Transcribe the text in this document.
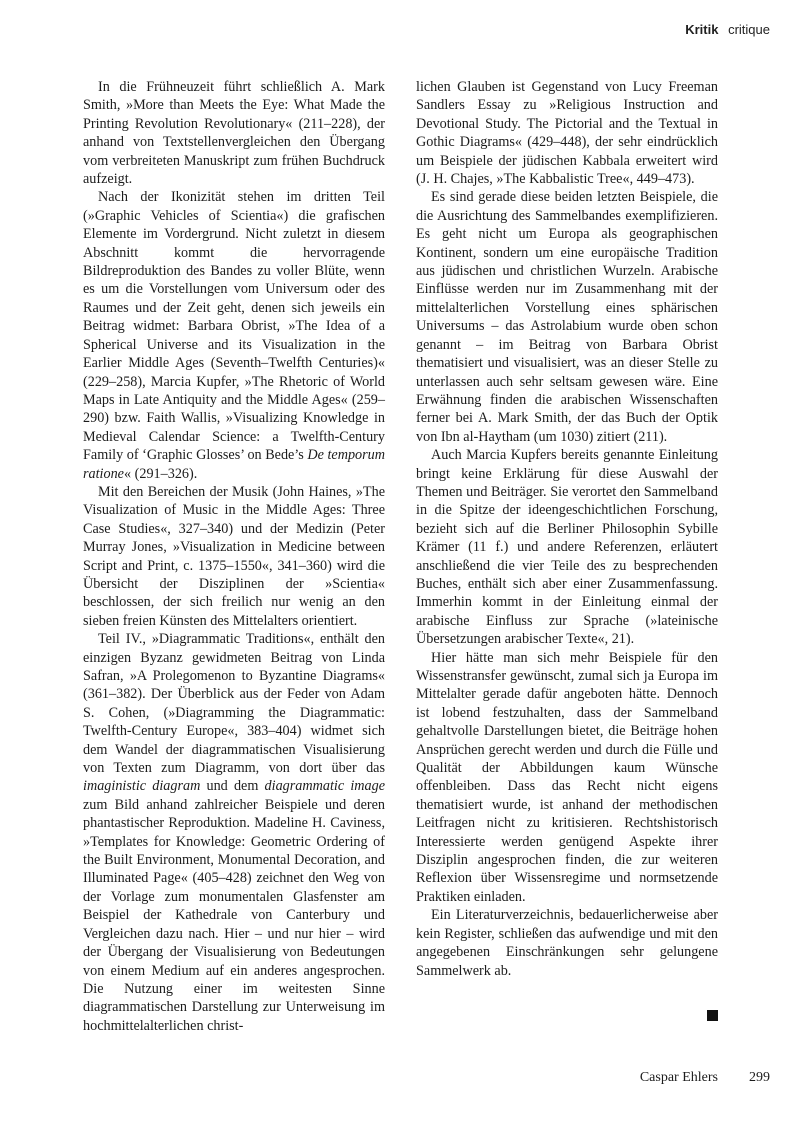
Kritik critique

In die Frühneuzeit führt schließlich A. Mark Smith, »More than Meets the Eye: What Made the Printing Revolution Revolutionary« (211–228), der anhand von Textstellenvergleichen den Übergang vom verbreiteten Manuskript zum frühen Buchdruck aufzeigt.

Nach der Ikonizität stehen im dritten Teil (»Graphic Vehicles of Scientia«) die grafischen Elemente im Vordergrund. Nicht zuletzt in diesem Abschnitt kommt die hervorragende Bildreproduktion des Bandes zu voller Blüte, wenn es um die Vorstellungen vom Universum oder des Raumes und der Zeit geht, denen sich jeweils ein Beitrag widmet: Barbara Obrist, »The Idea of a Spherical Universe and its Visualization in the Earlier Middle Ages (Seventh–Twelfth Centuries)« (229–258), Marcia Kupfer, »The Rhetoric of World Maps in Late Antiquity and the Middle Ages« (259–290) bzw. Faith Wallis, »Visualizing Knowledge in Medieval Calendar Science: a Twelfth-Century Family of ‘Graphic Glosses’ on Bede’s De temporum ratione« (291–326).

Mit den Bereichen der Musik (John Haines, »The Visualization of Music in the Middle Ages: Three Case Studies«, 327–340) und der Medizin (Peter Murray Jones, »Visualization in Medicine between Script and Print, c. 1375–1550«, 341–360) wird die Übersicht der Disziplinen der »Scientia« beschlossen, der sich freilich nur wenig an den sieben freien Künsten des Mittelalters orientiert.

Teil IV., »Diagrammatic Traditions«, enthält den einzigen Byzanz gewidmeten Beitrag von Linda Safran, »A Prolegomenon to Byzantine Diagrams« (361–382). Der Überblick aus der Feder von Adam S. Cohen, (»Diagramming the Diagrammatic: Twelfth-Century Europe«, 383–404) widmet sich dem Wandel der diagrammatischen Visualisierung von Texten zum Diagramm, von dort über das imaginistic diagram und dem diagrammatic image zum Bild anhand zahlreicher Beispiele und deren phantastischer Reproduktion. Madeline H. Caviness, »Templates for Knowledge: Geometric Ordering of the Built Environment, Monumental Decoration, and Illuminated Page« (405–428) zeichnet den Weg von der Vorlage zum monumentalen Glasfenster am Beispiel der Kathedrale von Canterbury und Vergleichen dazu nach. Hier – und nur hier – wird der Übergang der Visualisierung von Bedeutungen von einem Medium auf ein anderes angesprochen. Die Nutzung einer im weitesten Sinne diagrammatischen Darstellung zur Unterweisung im hochmittelalterlichen christ-

lichen Glauben ist Gegenstand von Lucy Freeman Sandlers Essay zu »Religious Instruction and Devotional Study. The Pictorial and the Textual in Gothic Diagrams« (429–448), der sehr eindrücklich um Beispiele der jüdischen Kabbala erweitert wird (J. H. Chajes, »The Kabbalistic Tree«, 449–473).

Es sind gerade diese beiden letzten Beispiele, die die Ausrichtung des Sammelbandes exemplifizieren. Es geht nicht um Europa als geographischen Kontinent, sondern um eine europäische Tradition aus jüdischen und christlichen Wurzeln. Arabische Einflüsse werden nur im Zusammenhang mit der mittelalterlichen Vorstellung eines sphärischen Universums – das Astrolabium wurde oben schon genannt – im Beitrag von Barbara Obrist thematisiert und visualisiert, was an dieser Stelle zu unterlassen auch sehr seltsam gewesen wäre. Eine Erwähnung finden die arabischen Wissenschaften ferner bei A. Mark Smith, der das Buch der Optik von Ibn al-Haytham (um 1030) zitiert (211).

Auch Marcia Kupfers bereits genannte Einleitung bringt keine Erklärung für diese Auswahl der Themen und Beiträger. Sie verortet den Sammelband in die Spitze der ideengeschichtlichen Forschung, bezieht sich auf die Berliner Philosophin Sybille Krämer (11 f.) und andere Referenzen, erläutert anschließend die vier Teile des zu besprechenden Buches, enthält sich aber einer Zusammenfassung. Immerhin kommt in der Einleitung einmal der arabische Einfluss zur Sprache (»lateinische Übersetzungen arabischer Texte«, 21).

Hier hätte man sich mehr Beispiele für den Wissenstransfer gewünscht, zumal sich ja Europa im Mittelalter gerade dafür angeboten hätte. Dennoch ist lobend festzuhalten, dass der Sammelband gehaltvolle Darstellungen bietet, die Beiträge hohen Ansprüchen gerecht werden und durch die Fülle und Qualität der Abbildungen kaum Wünsche offenbleiben. Dass das Recht nicht eigens thematisiert wurde, ist anhand der methodischen Leitfragen nicht zu kritisieren. Rechtshistorisch Interessierte werden genügend Aspekte ihrer Disziplin angesprochen finden, die zur weiteren Reflexion über Wissensregime und normsetzende Praktiken einladen.

Ein Literaturverzeichnis, bedauerlicherweise aber kein Register, schließen das aufwendige und mit den angegebenen Einschränkungen sehr gelungene Sammelwerk ab.

Caspar Ehlers 299
